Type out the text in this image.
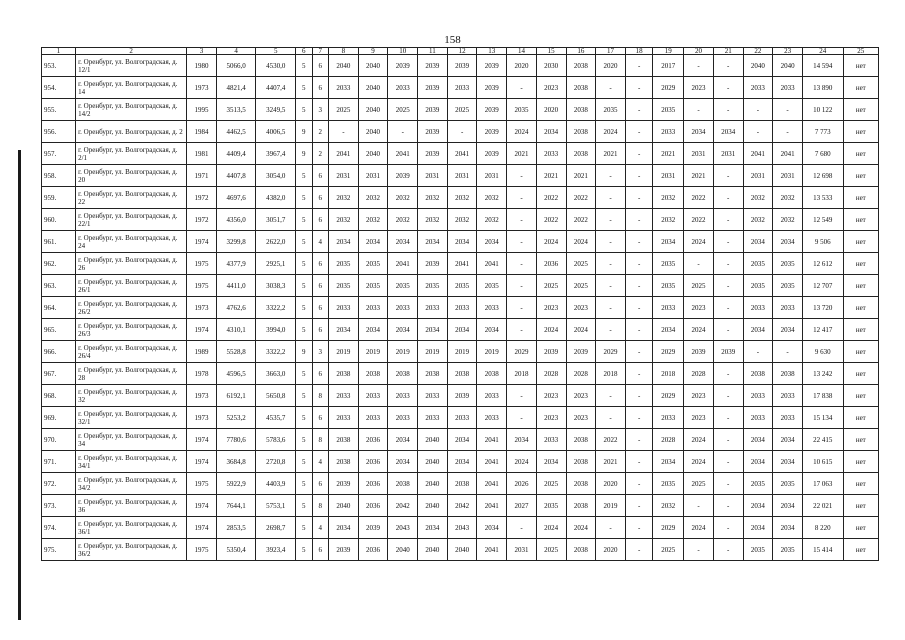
158
1	2	3	4	5	6	7	8	9	10	11	12	13	14	15	16	17	18	19	20	21	22	23	24	25
953.	г. Оренбург, ул. Волгоградская, д. 12/1	1980	5066,0	4530,0	5	6	2040	2040	2039	2039	2039	2039	2020	2030	2038	2020	-	2017	-	-	2040	2040	14 594	нет
954.	г. Оренбург, ул. Волгоградская, д. 14	1973	4821,4	4407,4	5	6	2033	2040	2033	2039	2033	2039	-	2023	2038	-	-	2029	2023	-	2033	2033	13 890	нет
955.	г. Оренбург, ул. Волгоградская, д. 14/2	1995	3513,5	3249,5	5	3	2025	2040	2025	2039	2025	2039	2035	2020	2038	2035	-	2035	-	-	-	-	10 122	нет
956.	г. Оренбург, ул. Волгоградская, д. 2	1984	4462,5	4006,5	9	2	-	2040	-	2039	-	2039	2024	2034	2038	2024	-	2033	2034	2034	-	-	7 773	нет
957.	г. Оренбург, ул. Волгоградская, д. 2/1	1981	4409,4	3967,4	9	2	2041	2040	2041	2039	2041	2039	2021	2033	2038	2021	-	2021	2031	2031	2041	2041	7 680	нет
958.	г. Оренбург, ул. Волгоградская, д. 20	1971	4407,8	3054,0	5	6	2031	2031	2039	2031	2031	2031	-	2021	2021	-	-	2031	2021	-	2031	2031	12 698	нет
959.	г. Оренбург, ул. Волгоградская, д. 22	1972	4697,6	4382,0	5	6	2032	2032	2032	2032	2032	2032	-	2022	2022	-	-	2032	2022	-	2032	2032	13 533	нет
960.	г. Оренбург, ул. Волгоградская, д. 22/1	1972	4356,0	3051,7	5	6	2032	2032	2032	2032	2032	2032	-	2022	2022	-	-	2032	2022	-	2032	2032	12 549	нет
961.	г. Оренбург, ул. Волгоградская, д. 24	1974	3299,8	2622,0	5	4	2034	2034	2034	2034	2034	2034	-	2024	2024	-	-	2034	2024	-	2034	2034	9 506	нет
962.	г. Оренбург, ул. Волгоградская, д. 26	1975	4377,9	2925,1	5	6	2035	2035	2041	2039	2041	2041	-	2036	2025	-	-	2035	-	-	2035	2035	12 612	нет
963.	г. Оренбург, ул. Волгоградская, д. 26/1	1975	4411,0	3038,3	5	6	2035	2035	2035	2035	2035	2035	-	2025	2025	-	-	2035	2025	-	2035	2035	12 707	нет
964.	г. Оренбург, ул. Волгоградская, д. 26/2	1973	4762,6	3322,2	5	6	2033	2033	2033	2033	2033	2033	-	2023	2023	-	-	2033	2023	-	2033	2033	13 720	нет
965.	г. Оренбург, ул. Волгоградская, д. 26/3	1974	4310,1	3994,0	5	6	2034	2034	2034	2034	2034	2034	-	2024	2024	-	-	2034	2024	-	2034	2034	12 417	нет
966.	г. Оренбург, ул. Волгоградская, д. 26/4	1989	5528,8	3322,2	9	3	2019	2019	2019	2019	2019	2019	2029	2039	2039	2029	-	2029	2039	2039	-	-	9 630	нет
967.	г. Оренбург, ул. Волгоградская, д. 28	1978	4596,5	3663,0	5	6	2038	2038	2038	2038	2038	2038	2018	2028	2028	2018	-	2018	2028	-	2038	2038	13 242	нет
968.	г. Оренбург, ул. Волгоградская, д. 32	1973	6192,1	5650,8	5	8	2033	2033	2033	2033	2039	2033	-	2023	2023	-	-	2029	2023	-	2033	2033	17 838	нет
969.	г. Оренбург, ул. Волгоградская, д. 32/1	1973	5253,2	4535,7	5	6	2033	2033	2033	2033	2033	2033	-	2023	2023	-	-	2033	2023	-	2033	2033	15 134	нет
970.	г. Оренбург, ул. Волгоградская, д. 34	1974	7780,6	5783,6	5	8	2038	2036	2034	2040	2034	2041	2034	2033	2038	2022	-	2028	2024	-	2034	2034	22 415	нет
971.	г. Оренбург, ул. Волгоградская, д. 34/1	1974	3684,8	2720,8	5	4	2038	2036	2034	2040	2034	2041	2024	2034	2038	2021	-	2034	2024	-	2034	2034	10 615	нет
972.	г. Оренбург, ул. Волгоградская, д. 34/2	1975	5922,9	4403,9	5	6	2039	2036	2038	2040	2038	2041	2026	2025	2038	2020	-	2035	2025	-	2035	2035	17 063	нет
973.	г. Оренбург, ул. Волгоградская, д. 36	1974	7644,1	5753,1	5	8	2040	2036	2042	2040	2042	2041	2027	2035	2038	2019	-	2032	-	-	2034	2034	22 021	нет
974.	г. Оренбург, ул. Волгоградская, д. 36/1	1974	2853,5	2698,7	5	4	2034	2039	2043	2034	2043	2034	-	2024	2024	-	-	2029	2024	-	2034	2034	8 220	нет
975.	г. Оренбург, ул. Волгоградская, д. 36/2	1975	5350,4	3923,4	5	6	2039	2036	2040	2040	2040	2041	2031	2025	2038	2020	-	2025	-	-	2035	2035	15 414	нет
